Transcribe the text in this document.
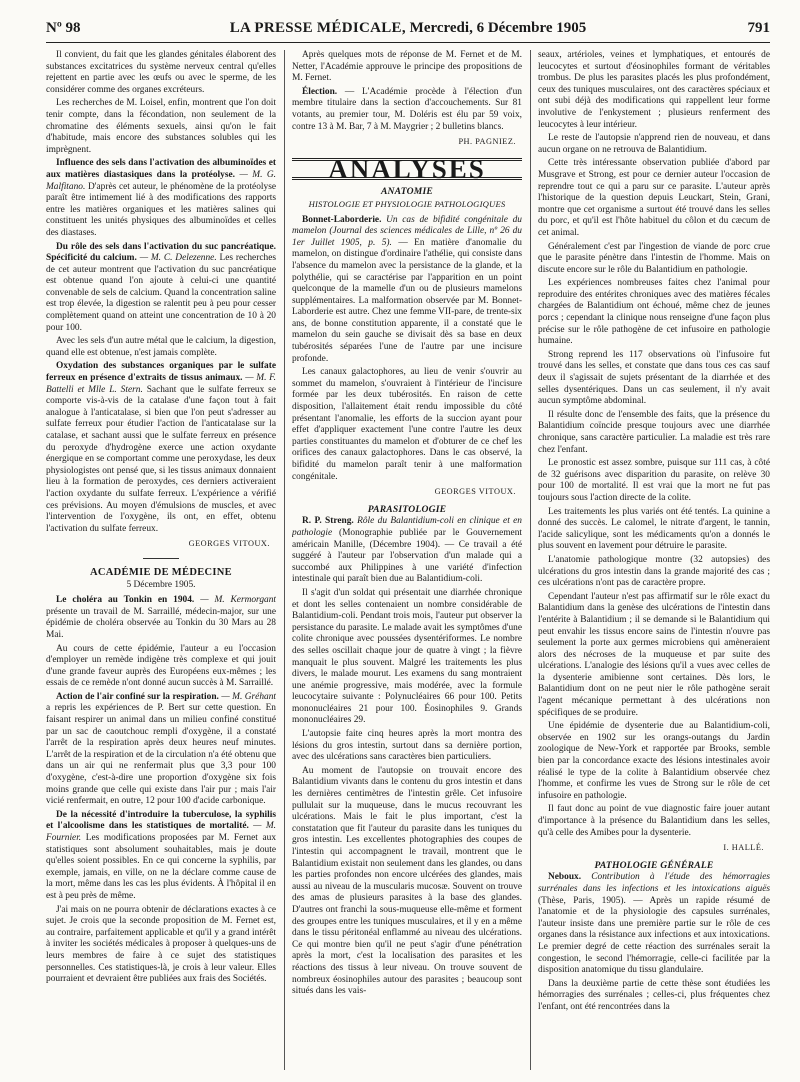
Nº 98	LA PRESSE MÉDICALE, Mercredi, 6 Décembre 1905	791

Il convient, du fait que les glandes génitales élaborent des substances excitatrices du système nerveux central qu'elles rejettent en partie avec les œufs ou avec le sperme, de les considérer comme des organes excréteurs.

Les recherches de M. Loisel, enfin, montrent que l'on doit tenir compte, dans la fécondation, non seulement de la chromatine des éléments sexuels, ainsi qu'on le fait d'habitude, mais encore des substances solubles qui les imprègnent.

Influence des sels dans l'activation des albuminoïdes et aux matières diastasiques dans la protéolyse. — M. G. Malfitano. D'après cet auteur, le phénomène de la protéolyse paraît être intimement lié à des modifications des rapports entre les matières organiques et les matières salines qui constituent les unités physiques des albuminoïdes et celles des diastases.

Du rôle des sels dans l'activation du suc pancréatique. Spécificité du calcium. — M. C. Delezenne. Les recherches de cet auteur montrent que l'activation du suc pancréatique est obtenue quand l'on ajoute à celui-ci une quantité convenable de sels de calcium. Quand la concentration saline est trop élevée, la digestion se ralentit peu à peu pour cesser complètement quand on atteint une concentration de 10 à 20 pour 100.

Avec les sels d'un autre métal que le calcium, la digestion, quand elle est obtenue, n'est jamais complète.

Oxydation des substances organiques par le sulfate ferreux en présence d'extraits de tissus animaux. — M. F. Battelli et Mlle L. Stern. Sachant que le sulfate ferreux se comporte vis-à-vis de la catalase d'une façon tout à fait analogue à l'anticatalase, si bien que l'on peut s'adresser au sulfate ferreux pour étudier l'action de l'anticatalase sur la catalase, et sachant aussi que le sulfate ferreux en présence du peroxyde d'hydrogène exerce une action oxydante énergique en se comportant comme une peroxydase, les deux physiologistes ont pensé que, si les tissus animaux donnaient lieu à la formation de peroxydes, ces derniers activeraient l'action oxydante du sulfate ferreux. L'expérience a vérifié ces prévisions. Au moyen d'émulsions de muscles, et avec l'intervention de l'oxygène, ils ont, en effet, obtenu l'activation du sulfate ferreux.

GEORGES VITOUX.
ACADÉMIE DE MÉDECINE
5 Décembre 1905.

Le choléra au Tonkin en 1904. — M. Kermorgant présente un travail de M. Sarraillé, médecin-major, sur une épidémie de choléra observée au Tonkin du 30 Mars au 28 Mai.

Au cours de cette épidémie, l'auteur a eu l'occasion d'employer un remède indigène très complexe et qui jouit d'une grande faveur auprès des Européens eux-mêmes ; les essais de ce remède n'ont donné aucun succès à M. Sarraillé.

Action de l'air confiné sur la respiration. — M. Gréhant a repris les expériences de P. Bert sur cette question. En faisant respirer un animal dans un milieu confiné constitué par un sac de caoutchouc rempli d'oxygène, il a constaté l'arrêt de la respiration après deux heures neuf minutes. L'arrêt de la respiration et de la circulation n'a été obtenu que dans un air qui ne renfermait plus que 3,3 pour 100 d'oxygène, c'est-à-dire une proportion d'oxygène six fois moins grande que celle qui existe dans l'air pur ; mais l'air vicié renfermait, en outre, 12 pour 100 d'acide carbonique.

De la nécessité d'introduire la tuberculose, la syphilis et l'alcoolisme dans les statistiques de mortalité. — M. Fournier. Les modifications proposées par M. Fernet aux statistiques sont absolument souhaitables, mais je doute qu'elles soient possibles. En ce qui concerne la syphilis, par exemple, jamais, en ville, on ne la déclare comme cause de la mort, même dans les cas les plus évidents. À l'hôpital il en est à peu près de même.

J'ai mais on ne pourra obtenir de déclarations exactes à ce sujet. Je crois que la seconde proposition de M. Fernet est, au contraire, parfaitement applicable et qu'il y a grand intérêt à inviter les sociétés médicales à proposer à quelques-uns de leurs membres de faire à ce sujet des statistiques personnelles. Ces statistiques-là, je crois à leur valeur. Elles pourraient et devraient être publiées aux frais des Sociétés.

Après quelques mots de réponse de M. Fernet et de M. Netter, l'Académie approuve le principe des propositions de M. Fernet.

Élection. — L'Académie procède à l'élection d'un membre titulaire dans la section d'accouchements. Sur 81 votants, au premier tour, M. Doléris est élu par 59 voix, contre 13 à M. Bar, 7 à M. Maygrier ; 2 bulletins blancs.

PH. PAGNIEZ.
ANALYSES
ANATOMIE
HISTOLOGIE ET PHYSIOLOGIE PATHOLOGIQUES

Bonnet-Laborderie. Un cas de bifidité congénitale du mamelon (Journal des sciences médicales de Lille, nº 26 du 1er Juillet 1905, p. 5). — En matière d'anomalie du mamelon, on distingue d'ordinaire l'athélie, qui consiste dans l'absence du mamelon avec la persistance de la glande, et la polythélie, qui se caractérise par l'apparition en un point quelconque de la mamelle d'un ou de plusieurs mamelons supplémentaires. La malformation observée par M. Bonnet-Laborderie est autre. Chez une femme VII-pare, de trente-six ans, de bonne constitution apparente, il a constaté que le mamelon du sein gauche se divisait dès sa base en deux tubérosités séparées l'une de l'autre par une incisure profonde.

Les canaux galactophores, au lieu de venir s'ouvrir au sommet du mamelon, s'ouvraient à l'intérieur de l'incisure formée par les deux tubérosités. En raison de cette disposition, l'allaitement était rendu impossible du côté présentant l'anomalie, les efforts de la succion ayant pour effet d'appliquer exactement l'une contre l'autre les deux parties constituantes du mamelon et d'obturer de ce chef les orifices des canaux galactophores. Dans le cas observé, la bifidité du mamelon paraît tenir à une malformation congénitale.

GEORGES VITOUX.
PARASITOLOGIE

R. P. Streng. Rôle du Balantidium-coli en clinique et en pathologie (Monographie publiée par le Gouvernement américain Manille, (Décembre 1904). — Ce travail a été suggéré à l'auteur par l'observation d'un malade qui a succombé aux Philippines à une variété d'infection intestinale qui paraît bien due au Balantidium-coli.

Il s'agit d'un soldat qui présentait une diarrhée chronique et dont les selles contenaient un nombre considérable de Balantidium-coli. Pendant trois mois, l'auteur put observer la persistance du parasite. Le malade avait les symptômes d'une colite chronique avec poussées dysentériformes. Le nombre des selles oscillait chaque jour de quatre à vingt ; la fièvre manquait le plus souvent. Malgré les traitements les plus divers, le malade mourut. Les examens du sang montraient une anémie progressive, mais modérée, avec la formule leucocytaire suivante : Polynucléaires 66 pour 100. Petits mononucléaires 21 pour 100. Éosinophiles 9. Grands mononucléaires 29.

L'autopsie faite cinq heures après la mort montra des lésions du gros intestin, surtout dans sa dernière portion, avec des ulcérations sans caractères bien particuliers.

Au moment de l'autopsie on trouvait encore des Balantidium vivants dans le contenu du gros intestin et dans les dernières centimètres de l'intestin grêle. Cet infusoire pullulait sur la muqueuse, dans le mucus recouvrant les ulcérations. Mais le fait le plus important, c'est la constatation que fit l'auteur du parasite dans les tuniques du gros intestin. Les excellentes photographies des coupes de l'intestin qui accompagnent le travail, montrent que le Balantidium existait non seulement dans les glandes, ou dans les parties profondes non encore ulcérées des glandes, mais aussi au niveau de la muscularis mucosæ. Souvent on trouve des amas de plusieurs parasites à la base des glandes. D'autres ont franchi la sous-muqueuse elle-même et forment des groupes entre les tuniques musculaires, et il y en a même dans le tissu péritonéal enflammé au niveau des ulcérations. Ce qui montre bien qu'il ne peut s'agir d'une pénétration après la mort, c'est la localisation des parasites et les réactions des tissus à leur niveau. On trouve souvent de nombreux éosinophiles autour des parasites ; beaucoup sont situés dans les vais-

seaux, artérioles, veines et lymphatiques, et entourés de leucocytes et surtout d'éosinophiles formant de véritables trombus. De plus les parasites placés les plus profondément, ceux des tuniques musculaires, ont des caractères spéciaux et ont subi déjà des modifications qui rappellent leur forme involutive de l'enkystement ; plusieurs renferment des leucocytes à leur intérieur.

Le reste de l'autopsie n'apprend rien de nouveau, et dans aucun organe on ne retrouva de Balantidium.

Cette très intéressante observation publiée d'abord par Musgrave et Strong, est pour ce dernier auteur l'occasion de reprendre tout ce qui a paru sur ce parasite. L'auteur après l'historique de la question depuis Leuckart, Stein, Grani, montre que cet organisme a surtout été trouvé dans les selles du porc, et qu'il est l'hôte habituel du côlon et du cæcum de cet animal.

Généralement c'est par l'ingestion de viande de porc crue que le parasite pénètre dans l'intestin de l'homme. Mais on discute encore sur le rôle du Balantidium en pathologie.

Les expériences nombreuses faites chez l'animal pour reproduire des entérites chroniques avec des matières fécales chargées de Balantidium ont échoué, même chez de jeunes porcs ; cependant la clinique nous renseigne d'une façon plus précise sur le rôle pathogène de cet infusoire en pathologie humaine.

Strong reprend les 117 observations où l'infusoire fut trouvé dans les selles, et constate que dans tous ces cas sauf deux il s'agissait de sujets présentant de la diarrhée et des selles dysentériques. Dans un cas seulement, il n'y avait aucun symptôme abdominal.

Il résulte donc de l'ensemble des faits, que la présence du Balantidium coïncide presque toujours avec une diarrhée chronique, sans caractère particulier. La maladie est très rare chez l'enfant.

Le pronostic est assez sombre, puisque sur 111 cas, à côté de 32 guérisons avec disparition du parasite, on relève 30 pour 100 de mortalité. Il est vrai que la mort ne fut pas toujours sous l'action directe de la colite.

Les traitements les plus variés ont été tentés. La quinine a donné des succès. Le calomel, le nitrate d'argent, le tannin, l'acide salicylique, sont les médicaments qu'on a donnés le plus souvent en lavement pour détruire le parasite.

L'anatomie pathologique montre (32 autopsies) des ulcérations du gros intestin dans la grande majorité des cas ; ces ulcérations n'ont pas de caractère propre.

Cependant l'auteur n'est pas affirmatif sur le rôle exact du Balantidium dans la genèse des ulcérations de l'intestin dans l'entérite à Balantidium ; il se demande si le Balantidium qui peut envahir les tissus encore sains de l'intestin n'ouvre pas seulement la porte aux germes microbiens qui amèneraient alors des nécroses de la muqueuse et par suite des ulcérations. L'analogie des lésions qu'il a vues avec celles de la dysenterie amibienne sont certaines. Dès lors, le Balantidium dont on ne peut nier le rôle pathogène serait l'agent mécanique permettant à des ulcérations non spécifiques de se produire.

Une épidémie de dysenterie due au Balantidium-coli, observée en 1902 sur les orangs-outangs du Jardin zoologique de New-York et rapportée par Brooks, semble bien par la concordance exacte des lésions intestinales avoir réalisé le type de la colite à Balantidium observée chez l'homme, et confirme les vues de Strong sur le rôle de cet infusoire en pathologie.

Il faut donc au point de vue diagnostic faire jouer autant d'importance à la présence du Balantidium dans les selles, qu'à celle des Amibes pour la dysenterie.

I. HALLÉ.
PATHOLOGIE GÉNÉRALE

Neboux. Contribution à l'étude des hémorragies surrénales dans les infections et les intoxications aiguës (Thèse, Paris, 1905). — Après un rapide résumé de l'anatomie et de la physiologie des capsules surrénales, l'auteur insiste dans une première partie sur le rôle de ces organes dans la résistance aux infections et aux intoxications. Le premier degré de cette réaction des surrénales serait la congestion, le second l'hémorragie, celle-ci facilitée par la disposition anatomique du tissu glandulaire.

Dans la deuxième partie de cette thèse sont étudiées les hémorragies des surrénales ; celles-ci, plus fréquentes chez l'enfant, ont été rencontrées dans la
